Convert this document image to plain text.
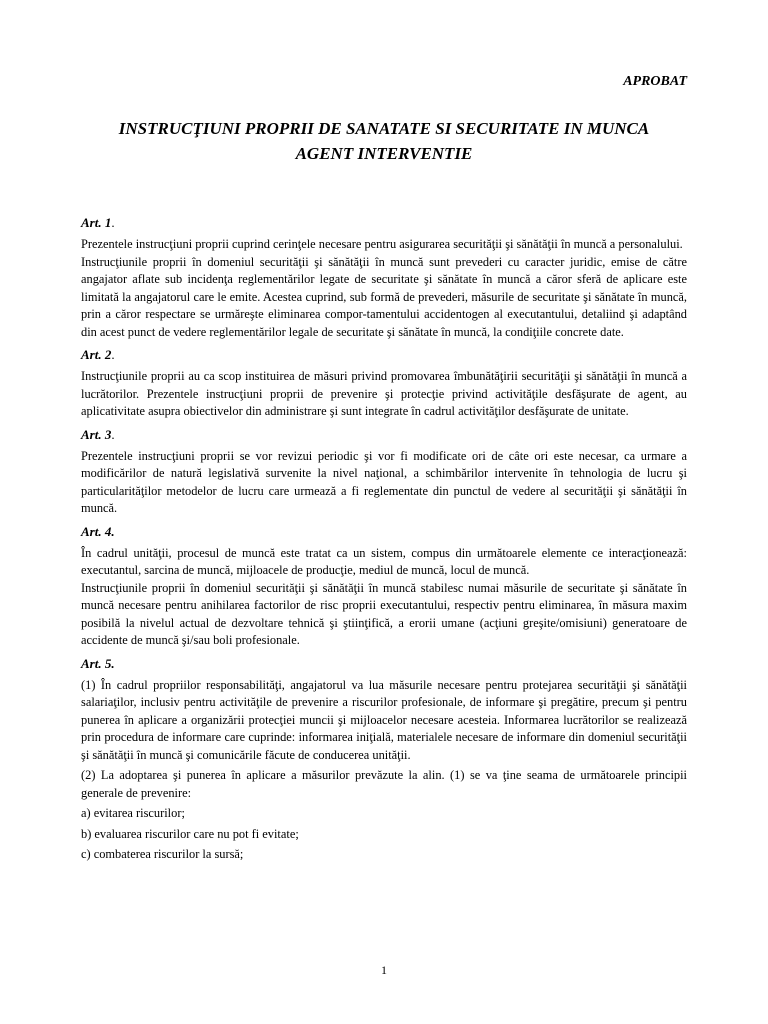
APROBAT
INSTRUCŢIUNI PROPRII DE SANATATE SI SECURITATE IN MUNCA
AGENT INTERVENTIE
Art. 1.

Prezentele instrucţiuni proprii cuprind cerinţele necesare pentru asigurarea securităţii şi sănătăţii în muncă a personalului.

Instrucţiunile proprii în domeniul securităţii şi sănătăţii în muncă sunt prevederi cu caracter juridic, emise de către angajator aflate sub incidenţa reglementărilor legate de securitate şi sănătate în muncă a căror sferă de aplicare este limitată la angajatorul care le emite. Acestea cuprind, sub formă de prevederi, măsurile de securitate şi sănătate în muncă, prin a căror respectare se urmăreşte eliminarea compor-tamentului accidentogen al executantului, detaliind şi adaptând din acest punct de vedere reglementărilor legale de securitate şi sănătate în muncă, la condiţiile concrete date.

Art. 2.

Instrucţiunile proprii au ca scop instituirea de măsuri privind promovarea îmbunătăţirii securităţii şi sănătăţii în muncă a lucrătorilor. Prezentele instrucţiuni proprii de prevenire şi protecţie privind activităţile desfăşurate de agent, au aplicativitate asupra obiectivelor din administrare şi sunt integrate în cadrul activităţilor desfăşurate de unitate.

Art. 3.

Prezentele instrucţiuni proprii se vor revizui periodic şi vor fi modificate ori de câte ori este necesar, ca urmare a modificărilor de natură legislativă survenite la nivel naţional, a schimbărilor intervenite în tehnologia de lucru şi particularităţilor metodelor de lucru care urmează a fi reglementate din punctul de vedere al securităţii şi sănătăţii în muncă.

Art. 4.

În cadrul unităţii, procesul de muncă este tratat ca un sistem, compus din următoarele elemente ce interacţionează: executantul, sarcina de muncă, mijloacele de producţie, mediul de muncă, locul de muncă.

Instrucţiunile proprii în domeniul securităţii şi sănătăţii în muncă stabilesc numai măsurile de securitate şi sănătate în muncă necesare pentru anihilarea factorilor de risc proprii executantului, respectiv pentru eliminarea, în măsura maxim posibilă la nivelul actual de dezvoltare tehnică şi ştiinţifică, a erorii umane (acţiuni greşite/omisiuni) generatoare de accidente de muncă şi/sau boli profesionale.

Art. 5.

(1) În cadrul propriilor responsabilităţi, angajatorul va lua măsurile necesare pentru protejarea securităţii şi sănătăţii salariaţilor, inclusiv pentru activităţile de prevenire a riscurilor profesionale, de informare şi pregătire, precum şi pentru punerea în aplicare a organizării protecţiei muncii şi mijloacelor necesare acesteia. Informarea lucrătorilor se realizează prin procedura de informare care cuprinde: informarea iniţială, materialele necesare de informare din domeniul securităţii şi sănătăţii în muncă şi comunicările făcute de conducerea unităţii.

(2) La adoptarea şi punerea în aplicare a măsurilor prevăzute la alin. (1) se va ţine seama de următoarele principii generale de prevenire:

a) evitarea riscurilor;

b) evaluarea riscurilor care nu pot fi evitate;

c) combaterea riscurilor la sursă;

1
